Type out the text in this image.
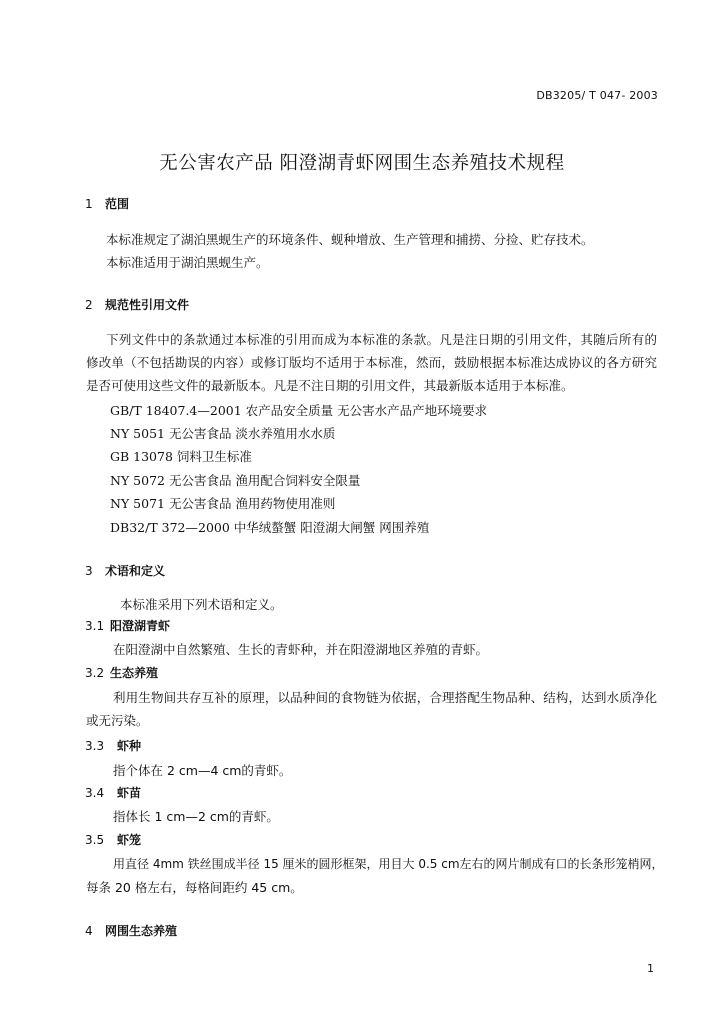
DB3205/ T 047- 2003
无公害农产品 阳澄湖青虾网围生态养殖技术规程
1 范围
本标准规定了湖泊黑蚬生产的环境条件、蚬种增放、生产管理和捕捞、分捡、贮存技术。
本标准适用于湖泊黑蚬生产。
2 规范性引用文件
下列文件中的条款通过本标准的引用而成为本标准的条款。凡是注日期的引用文件，其随后所有的
修改单（不包括勘误的内容）或修订版均不适用于本标准，然而，鼓励根据本标准达成协议的各方研究
是否可使用这些文件的最新版本。凡是不注日期的引用文件，其最新版本适用于本标准。
GB/T 18407.4—2001 农产品安全质量 无公害水产品产地环境要求
NY 5051 无公害食品 淡水养殖用水水质
GB 13078 饲料卫生标准
NY 5072 无公害食品 渔用配合饲料安全限量
NY 5071 无公害食品 渔用药物使用准则
DB32/T 372—2000 中华绒螯蟹 阳澄湖大闸蟹 网围养殖
3 术语和定义
本标准采用下列术语和定义。
3.1 阳澄湖青虾
在阳澄湖中自然繁殖、生长的青虾种，并在阳澄湖地区养殖的青虾。
3.2 生态养殖
利用生物间共存互补的原理，以品种间的食物链为依据，合理搭配生物品种、结构，达到水质净化
或无污染。
3.3 虾种
指个体在 2 cm—4 cm的青虾。
3.4 虾苗
指体长 1 cm—2 cm的青虾。
3.5 虾笼
用直径 4mm 铁丝围成半径 15 厘米的圆形框架，用目大 0.5 cm左右的网片制成有口的长条形笼梢网，
每条 20 格左右，每格间距约 45 cm。
4 网围生态养殖
1
